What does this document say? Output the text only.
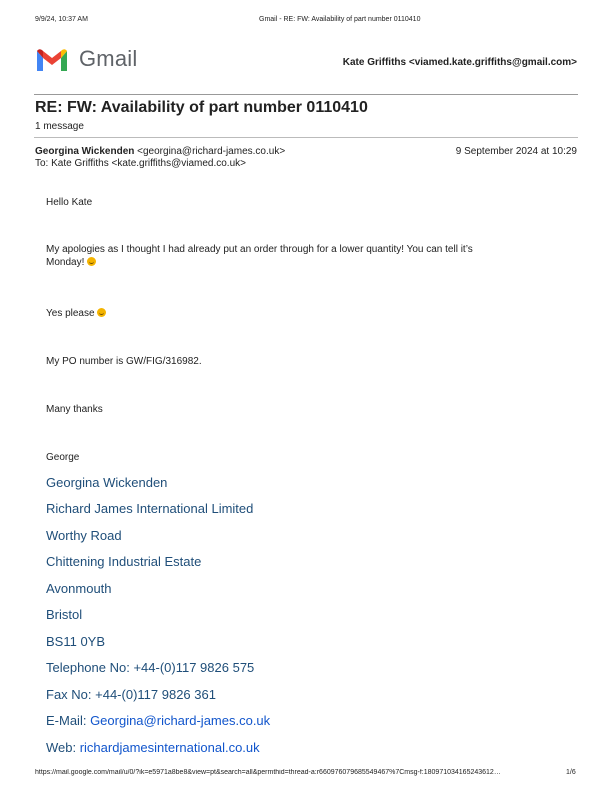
9/9/24, 10:37 AM	Gmail - RE: FW: Availability of part number 0110410
Gmail	Kate Griffiths <viamed.kate.griffiths@gmail.com>
RE: FW: Availability of part number 0110410
1 message
Georgina Wickenden <georgina@richard-james.co.uk>	9 September 2024 at 10:29
To: Kate Griffiths <kate.griffiths@viamed.co.uk>
Hello Kate
My apologies as I thought I had already put an order through for a lower quantity! You can tell it’s
Monday!
Yes please
My PO number is GW/FIG/316982.
Many thanks
George
Georgina Wickenden
Richard James International Limited
Worthy Road
Chittening Industrial Estate
Avonmouth
Bristol
BS11 0YB
Telephone No: +44-(0)117 9826 575
Fax No: +44-(0)117 9826 361
E-Mail: Georgina@richard-james.co.uk
Web: richardjamesinternational.co.uk
https://mail.google.com/mail/u/0/?ik=e5971a8be8&view=pt&search=all&permthid=thread-a:r660976079685549467%7Cmsg-f:180971034165243612…	1/6
